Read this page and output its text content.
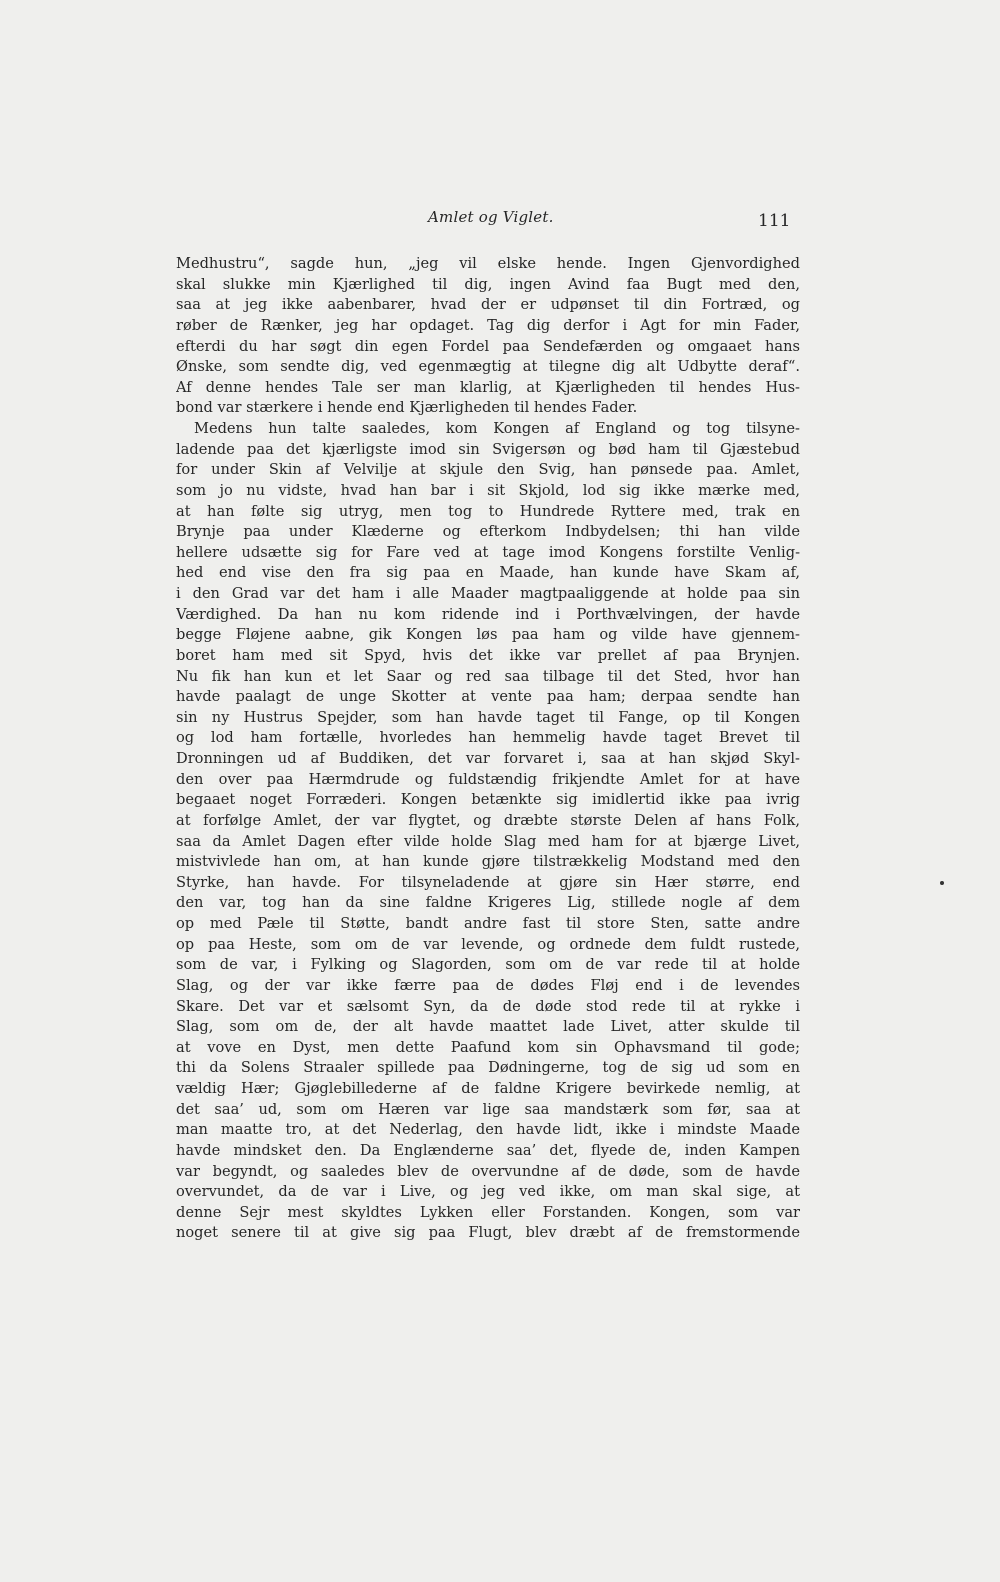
Amlet og Viglet.	111
Medhustru“, sagde hun, „jeg vil elske hende. Ingen Gjenvordighed
skal slukke min Kjærlighed til dig, ingen Avind faa Bugt med den,
saa at jeg ikke aabenbarer, hvad der er udpønset til din Fortræd, og
røber de Rænker, jeg har opdaget. Tag dig derfor i Agt for min Fader,
efterdi du har søgt din egen Fordel paa Sendefærden og omgaaet hans
Ønske, som sendte dig, ved egenmægtig at tilegne dig alt Udbytte deraf“.
Af denne hendes Tale ser man klarlig, at Kjærligheden til hendes Hus-
bond var stærkere i hende end Kjærligheden til hendes Fader.
Medens hun talte saaledes, kom Kongen af England og tog tilsyne-
ladende paa det kjærligste imod sin Svigersøn og bød ham til Gjæstebud
for under Skin af Velvilje at skjule den Svig, han pønsede paa. Amlet,
som jo nu vidste, hvad han bar i sit Skjold, lod sig ikke mærke med,
at han følte sig utryg, men tog to Hundrede Ryttere med, trak en
Brynje paa under Klæderne og efterkom Indbydelsen; thi han vilde
hellere udsætte sig for Fare ved at tage imod Kongens forstilte Venlig-
hed end vise den fra sig paa en Maade, han kunde have Skam af,
i den Grad var det ham i alle Maader magtpaaliggende at holde paa sin
Værdighed. Da han nu kom ridende ind i Porthvælvingen, der havde
begge Fløjene aabne, gik Kongen løs paa ham og vilde have gjennem-
boret ham med sit Spyd, hvis det ikke var prellet af paa Brynjen.
Nu fik han kun et let Saar og red saa tilbage til det Sted, hvor han
havde paalagt de unge Skotter at vente paa ham; derpaa sendte han
sin ny Hustrus Spejder, som han havde taget til Fange, op til Kongen
og lod ham fortælle, hvorledes han hemmelig havde taget Brevet til
Dronningen ud af Buddiken, det var forvaret i, saa at han skjød Skyl-
den over paa Hærmdrude og fuldstændig frikjendte Amlet for at have
begaaet noget Forræderi. Kongen betænkte sig imidlertid ikke paa ivrig
at forfølge Amlet, der var flygtet, og dræbte største Delen af hans Folk,
saa da Amlet Dagen efter vilde holde Slag med ham for at bjærge Livet,
mistvivlede han om, at han kunde gjøre tilstrækkelig Modstand med den
Styrke, han havde. For tilsyneladende at gjøre sin Hær større, end
den var, tog han da sine faldne Krigeres Lig, stillede nogle af dem
op med Pæle til Støtte, bandt andre fast til store Sten, satte andre
op paa Heste, som om de var levende, og ordnede dem fuldt rustede,
som de var, i Fylking og Slagorden, som om de var rede til at holde
Slag, og der var ikke færre paa de dødes Fløj end i de levendes
Skare. Det var et sælsomt Syn, da de døde stod rede til at rykke i
Slag, som om de, der alt havde maattet lade Livet, atter skulde til
at vove en Dyst, men dette Paafund kom sin Ophavsmand til gode;
thi da Solens Straaler spillede paa Dødningerne, tog de sig ud som en
vældig Hær; Gjøglebillederne af de faldne Krigere bevirkede nemlig, at
det saa’ ud, som om Hæren var lige saa mandstærk som før, saa at
man maatte tro, at det Nederlag, den havde lidt, ikke i mindste Maade
havde mindsket den. Da Englænderne saa’ det, flyede de, inden Kampen
var begyndt, og saaledes blev de overvundne af de døde, som de havde
overvundet, da de var i Live, og jeg ved ikke, om man skal sige, at
denne Sejr mest skyldtes Lykken eller Forstanden. Kongen, som var
noget senere til at give sig paa Flugt, blev dræbt af de fremstormende
